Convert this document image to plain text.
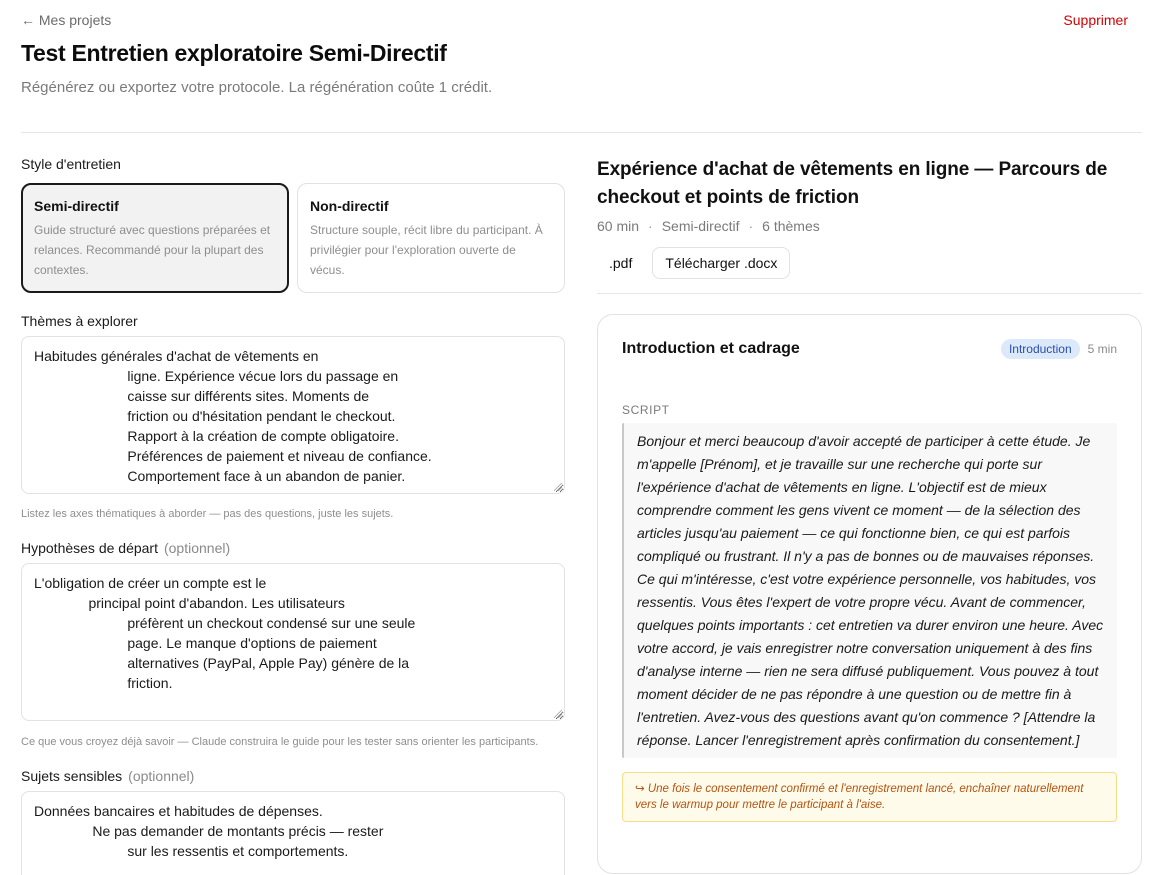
← Mes projets	Supprimer
Test Entretien exploratoire Semi-Directif

Régénérez ou exportez votre protocole. La régénération coûte 1 crédit.

Style d'entretien
Semi-directif
Guide structuré avec questions préparées et relances. Recommandé pour la plupart des contextes.
Non-directif
Structure souple, récit libre du participant. À privilégier pour l'exploration ouverte de vécus.
Thèmes à explorer
Habitudes générales d'achat de vêtements en ligne. Expérience vécue lors du passage en caisse sur différents sites. Moments de friction ou d'hésitation pendant le checkout. Rapport à la création de compte obligatoire. Préférences de paiement et niveau de confiance. Comportement face à un abandon de panier.

Listez les axes thématiques à aborder — pas des questions, juste les sujets.

Hypothèses de départ (optionnel)
L'obligation de créer un compte est le principal point d'abandon. Les utilisateurs préfèrent un checkout condensé sur une seule page. Le manque d'options de paiement alternatives (PayPal, Apple Pay) génère de la friction.

Ce que vous croyez déjà savoir — Claude construira le guide pour les tester sans orienter les participants.

Sujets sensibles (optionnel)
Données bancaires et habitudes de dépenses. Ne pas demander de montants précis — rester sur les ressentis et comportements.
Expérience d'achat de vêtements en ligne — Parcours de checkout et points de friction
60 min · Semi-directif · 6 thèmes
.pdf	Télécharger .docx
Introduction et cadrage	Introduction	5 min
SCRIPT
Bonjour et merci beaucoup d'avoir accepté de participer à cette étude. Je m'appelle [Prénom], et je travaille sur une recherche qui porte sur l'expérience d'achat de vêtements en ligne. L'objectif est de mieux comprendre comment les gens vivent ce moment — de la sélection des articles jusqu'au paiement — ce qui fonctionne bien, ce qui est parfois compliqué ou frustrant. Il n'y a pas de bonnes ou de mauvaises réponses. Ce qui m'intéresse, c'est votre expérience personnelle, vos habitudes, vos ressentis. Vous êtes l'expert de votre propre vécu. Avant de commencer, quelques points importants : cet entretien va durer environ une heure. Avec votre accord, je vais enregistrer notre conversation uniquement à des fins d'analyse interne — rien ne sera diffusé publiquement. Vous pouvez à tout moment décider de ne pas répondre à une question ou de mettre fin à l'entretien. Avez-vous des questions avant qu'on commence ? [Attendre la réponse. Lancer l'enregistrement après confirmation du consentement.]
↪ Une fois le consentement confirmé et l'enregistrement lancé, enchaîner naturellement vers le warmup pour mettre le participant à l'aise.
